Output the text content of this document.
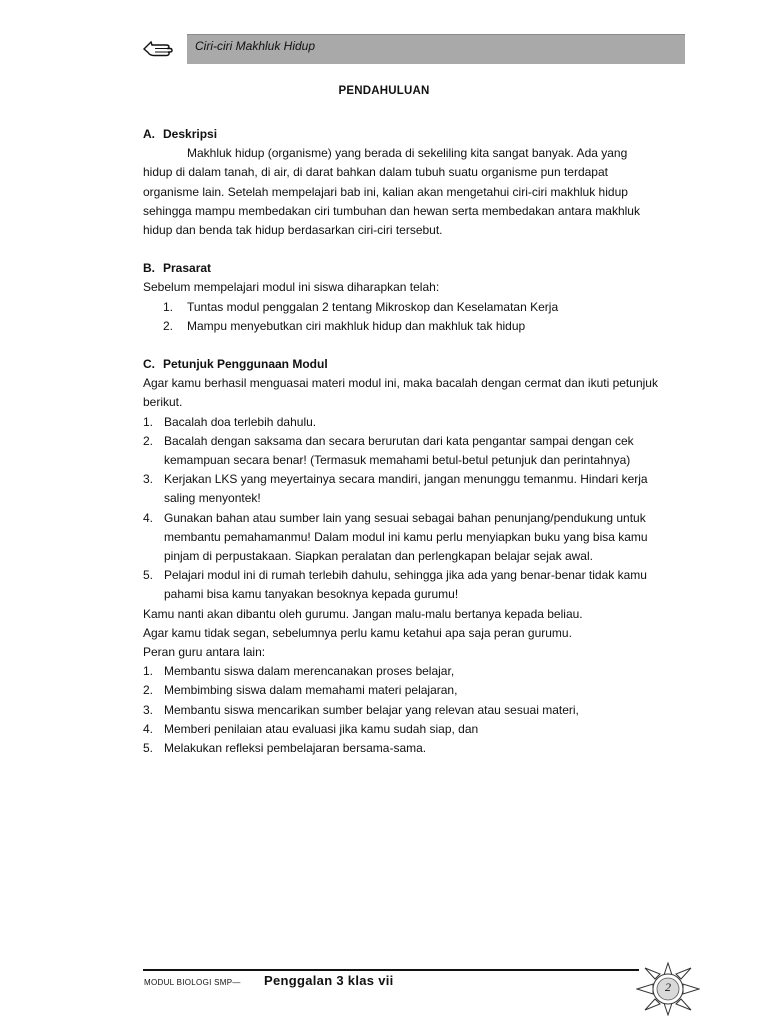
Ciri-ciri Makhluk Hidup
PENDAHULUAN
A. Deskripsi
Makhluk hidup (organisme) yang berada di sekeliling kita sangat banyak. Ada yang hidup di dalam tanah, di air, di darat bahkan dalam tubuh suatu organisme pun terdapat organisme lain. Setelah mempelajari bab ini, kalian akan mengetahui ciri-ciri makhluk hidup sehingga mampu membedakan ciri tumbuhan dan hewan serta membedakan antara makhluk hidup dan benda tak hidup berdasarkan ciri-ciri tersebut.
B. Prasarat
Sebelum mempelajari modul ini siswa diharapkan telah:
1.	Tuntas modul penggalan 2 tentang Mikroskop dan Keselamatan Kerja
2.	Mampu menyebutkan ciri makhluk hidup dan makhluk tak hidup
C. Petunjuk Penggunaan Modul
Agar kamu berhasil menguasai materi modul ini, maka bacalah dengan cermat dan ikuti petunjuk berikut.
1. Bacalah doa terlebih dahulu.
2. Bacalah dengan saksama dan secara berurutan dari kata pengantar sampai dengan cek kemampuan secara benar! (Termasuk memahami betul-betul petunjuk dan perintahnya)
3. Kerjakan LKS yang meyertainya secara mandiri, jangan menunggu temanmu. Hindari kerja saling menyontek!
4. Gunakan bahan atau sumber lain yang sesuai sebagai bahan penunjang/pendukung untuk membantu pemahamanmu! Dalam modul ini kamu perlu menyiapkan buku yang bisa kamu pinjam di perpustakaan. Siapkan peralatan dan perlengkapan belajar sejak awal.
5. Pelajari modul ini di rumah terlebih dahulu, sehingga jika ada yang benar-benar tidak kamu pahami bisa kamu tanyakan besoknya kepada gurumu!
Kamu nanti akan dibantu oleh gurumu. Jangan malu-malu bertanya kepada beliau.
Agar kamu tidak segan, sebelumnya perlu kamu ketahui apa saja peran gurumu.
Peran guru antara lain:
1. Membantu siswa dalam merencanakan proses belajar,
2. Membimbing siswa dalam memahami materi pelajaran,
3. Membantu siswa mencarikan sumber belajar yang relevan atau sesuai materi,
4. Memberi penilaian atau evaluasi jika kamu sudah siap, dan
5. Melakukan refleksi pembelajaran bersama-sama.
MODUL BIOLOGI SMP— Penggalan 3 klas vii	2
